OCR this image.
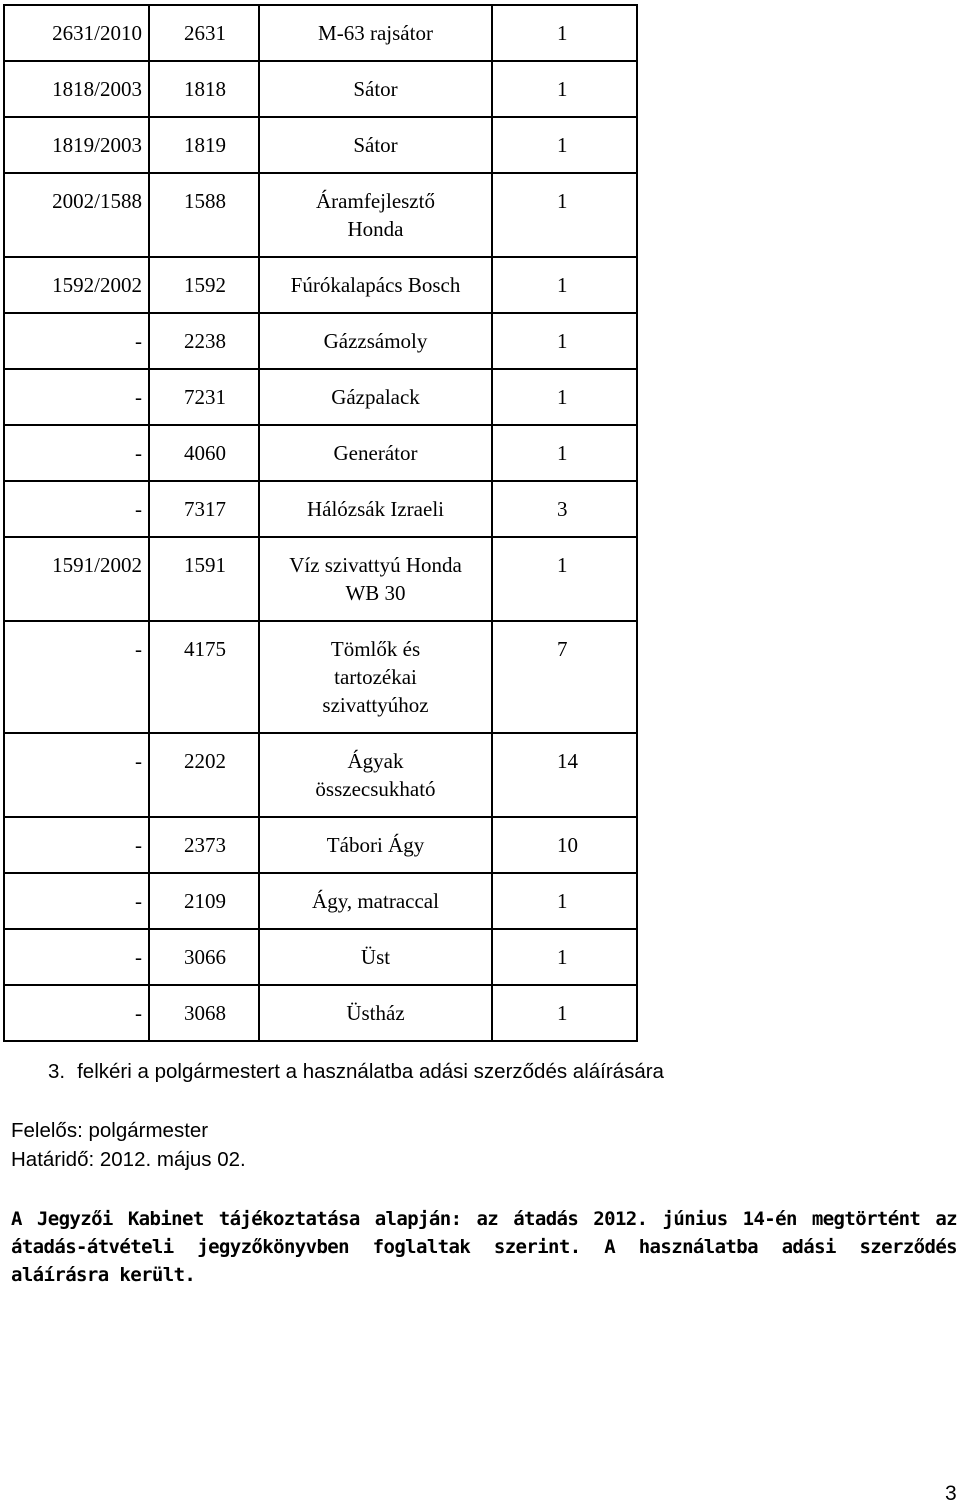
2631/2010	2631	M-63 rajsátor	1

1818/2003	1818	Sátor	1

1819/2003	1819	Sátor	1

2002/1588	1588	Áramfejlesztő
Honda	1

1592/2002	1592	Fúrókalapács Bosch	1

-	2238	Gázzsámoly	1

-	7231	Gázpalack	1

-	4060	Generátor	1

-	7317	Hálózsák Izraeli	3

1591/2002	1591	Víz szivattyú Honda
WB 30	1

-	4175	Tömlők és
tartozékai
szivattyúhoz	7

-	2202	Ágyak
összecsukható	14

-	2373	Tábori Ágy	10

-	2109	Ágy, matraccal	1

-	3066	Üst	1

-	3068	Üstház	1
3. felkéri a polgármestert a használatba adási szerződés aláírására
Felelős: polgármester
Határidő: 2012. május 02.
A Jegyzői Kabinet tájékoztatása alapján: az átadás 2012. június 14-én megtörtént az átadás-átvételi jegyzőkönyvben foglaltak szerint. A használatba adási szerződés aláírásra került.
3
